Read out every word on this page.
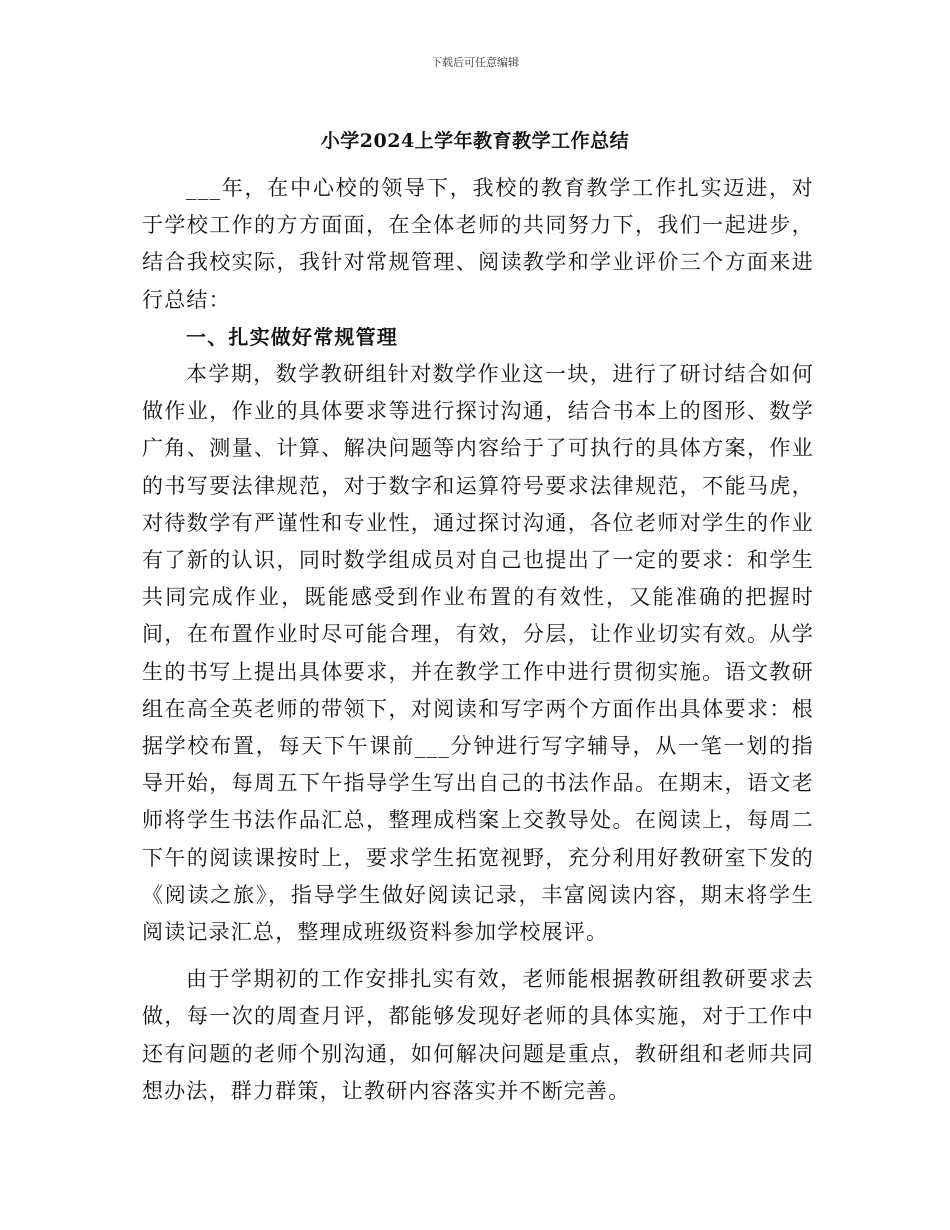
下载后可任意编辑
小学2024上学年教育教学工作总结

___年，在中心校的领导下，我校的教育教学工作扎实迈进，对于学校工作的方方面面，在全体老师的共同努力下，我们一起进步，结合我校实际，我针对常规管理、阅读教学和学业评价三个方面来进行总结：

一、扎实做好常规管理

本学期，数学教研组针对数学作业这一块，进行了研讨结合如何做作业，作业的具体要求等进行探讨沟通，结合书本上的图形、数学广角、测量、计算、解决问题等内容给于了可执行的具体方案，作业的书写要法律规范，对于数字和运算符号要求法律规范，不能马虎，对待数学有严谨性和专业性，通过探讨沟通，各位老师对学生的作业有了新的认识，同时数学组成员对自己也提出了一定的要求：和学生共同完成作业，既能感受到作业布置的有效性，又能准确的把握时间，在布置作业时尽可能合理，有效，分层，让作业切实有效。从学生的书写上提出具体要求，并在教学工作中进行贯彻实施。语文教研组在高全英老师的带领下，对阅读和写字两个方面作出具体要求：根据学校布置，每天下午课前___分钟进行写字辅导，从一笔一划的指导开始，每周五下午指导学生写出自己的书法作品。在期末，语文老师将学生书法作品汇总，整理成档案上交教导处。在阅读上，每周二下午的阅读课按时上，要求学生拓宽视野，充分利用好教研室下发的《阅读之旅》，指导学生做好阅读记录，丰富阅读内容，期末将学生阅读记录汇总，整理成班级资料参加学校展评。

由于学期初的工作安排扎实有效，老师能根据教研组教研要求去做，每一次的周查月评，都能够发现好老师的具体实施，对于工作中还有问题的老师个别沟通，如何解决问题是重点，教研组和老师共同想办法，群力群策，让教研内容落实并不断完善。
